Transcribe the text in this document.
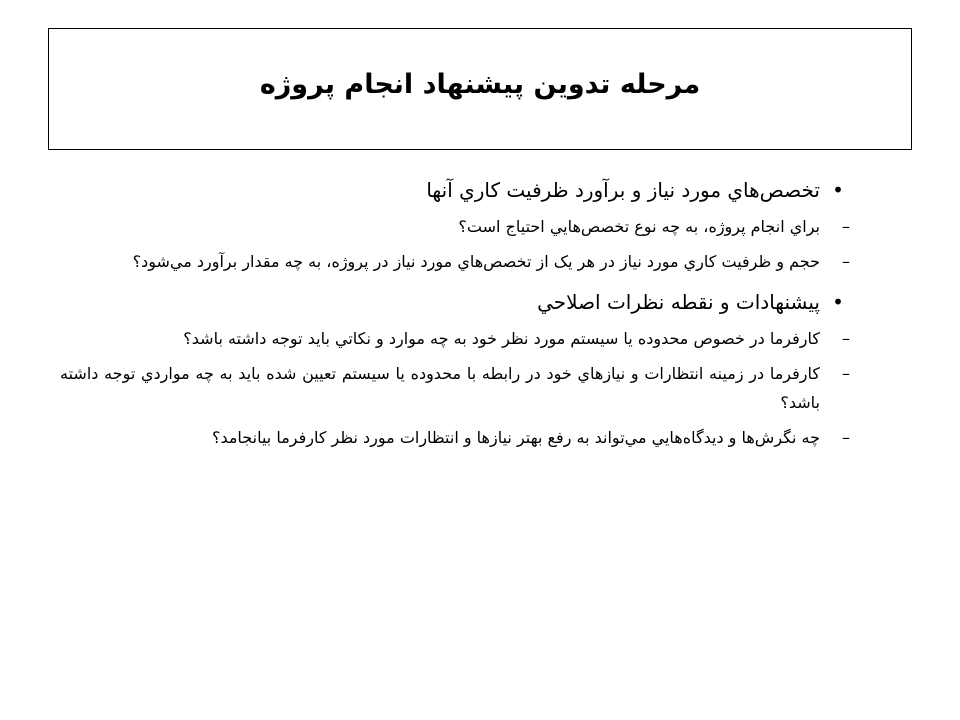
مرحله تدوين پيشنهاد انجام پروژه
•
تخصص‌هاي مورد نياز و برآورد ظرفيت كاري آنها
–
براي انجام پروژه، به چه نوع تخصص‌هايي احتياج است؟
–
حجم و ظرفيت كاري مورد نياز در هر يک از تخصص‌هاي مورد نياز در پروژه، به چه مقدار برآورد مي‌شود؟
•
پيشنهادات و نقطه نظرات اصلاحي
–
كارفرما در خصوص محدوده يا سيستم مورد نظر خود به چه موارد و نكاتي بايد توجه داشته باشد؟
–
كارفرما در زمينه انتظارات و نيازهاي خود در رابطه با محدوده يا سيستم تعيين شده بايد به چه مواردي توجه داشته باشد؟
–
چه نگرش‌ها و ديدگاه‌هايي مي‌تواند به رفع بهتر نيازها و انتظارات مورد نظر كارفرما بيانجامد؟
